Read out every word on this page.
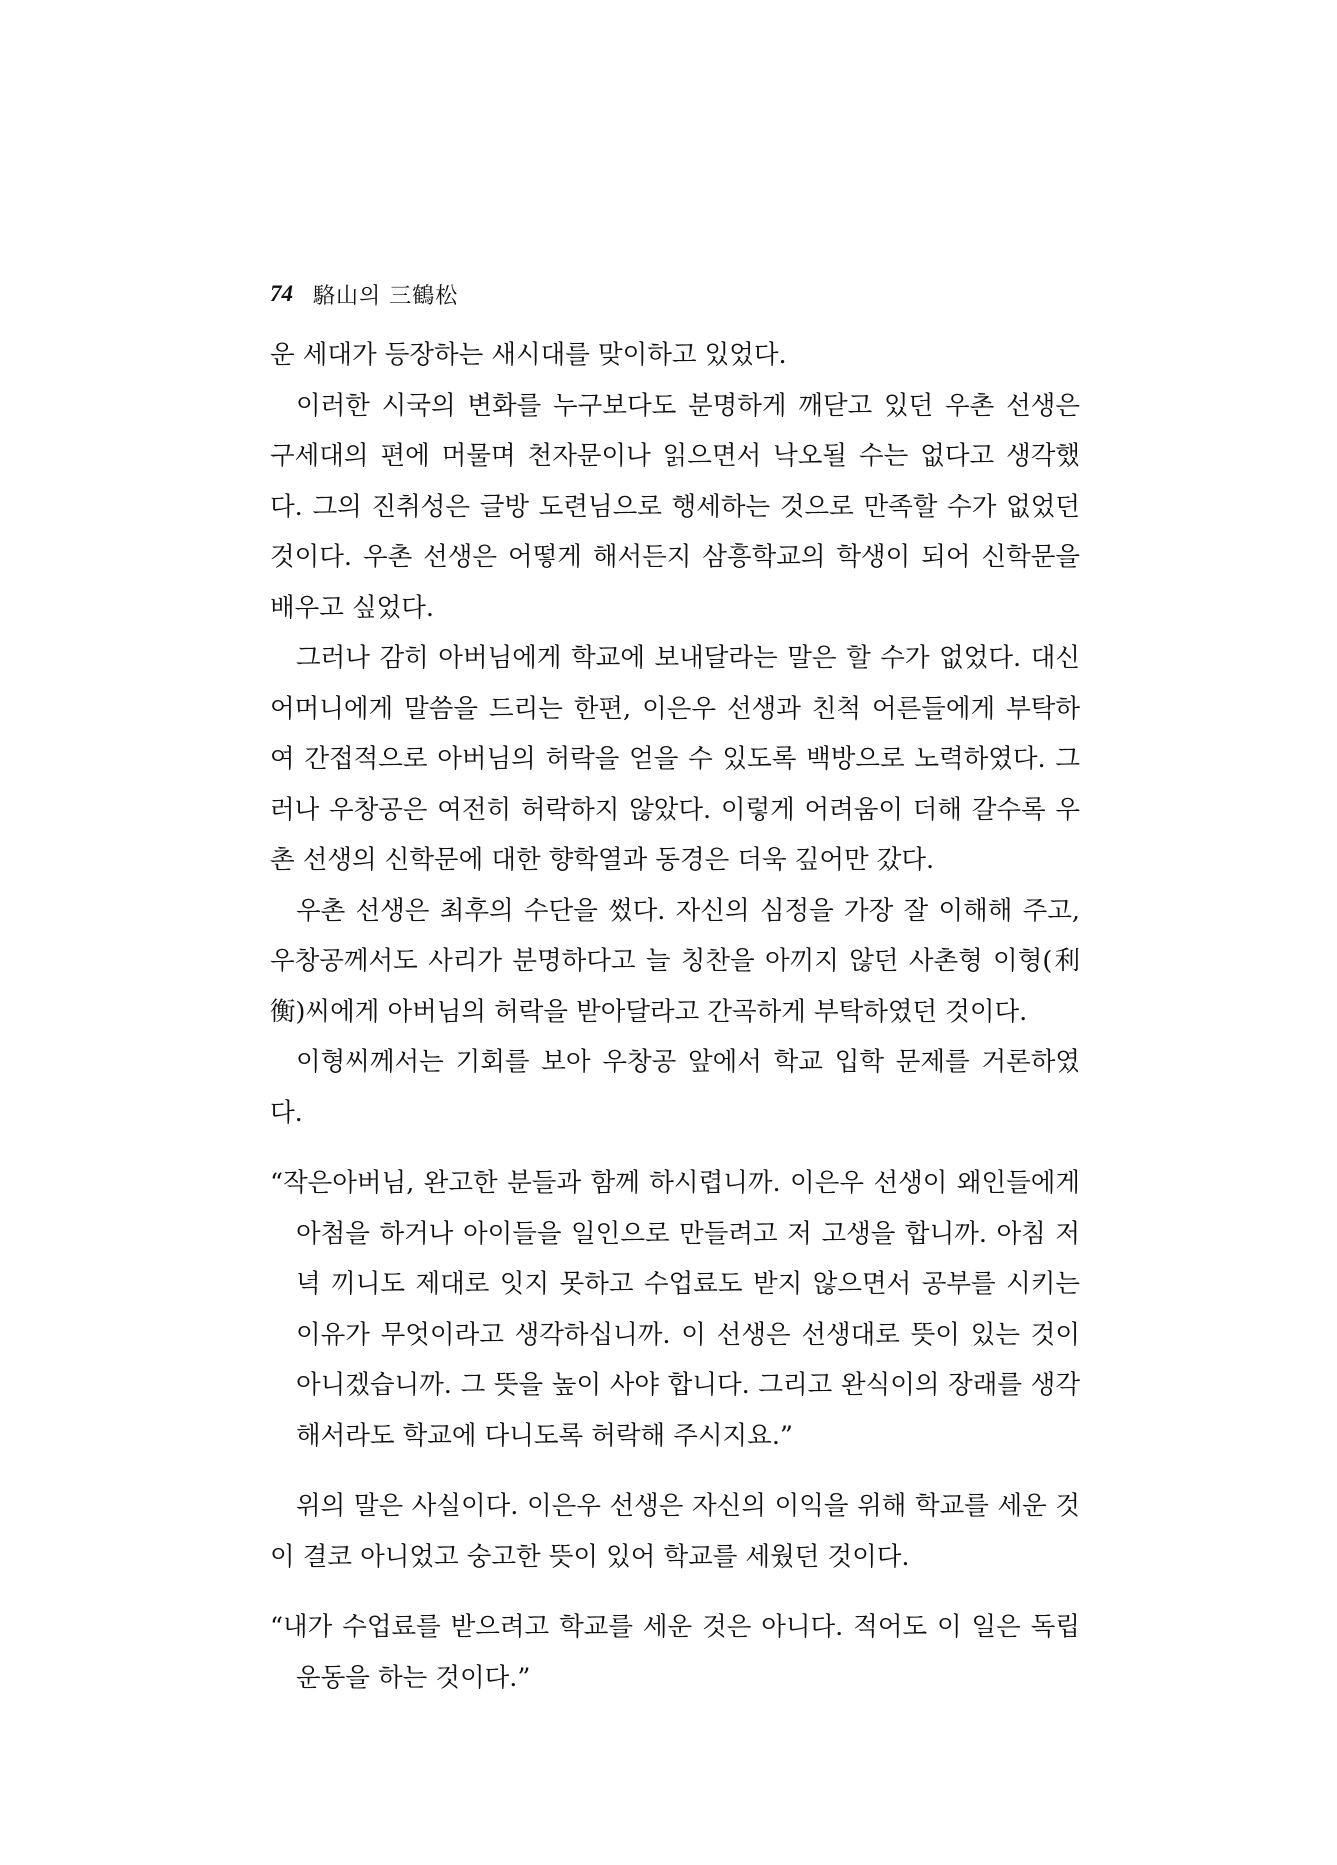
74 駱山의 三鶴松

운 세대가 등장하는 새시대를 맞이하고 있었다.

이러한 시국의 변화를 누구보다도 분명하게 깨닫고 있던 우촌 선생은 구세대의 편에 머물며 천자문이나 읽으면서 낙오될 수는 없다고 생각했다. 그의 진취성은 글방 도련님으로 행세하는 것으로 만족할 수가 없었던 것이다. 우촌 선생은 어떻게 해서든지 삼흥학교의 학생이 되어 신학문을 배우고 싶었다.

그러나 감히 아버님에게 학교에 보내달라는 말은 할 수가 없었다. 대신 어머니에게 말씀을 드리는 한편, 이은우 선생과 친척 어른들에게 부탁하여 간접적으로 아버님의 허락을 얻을 수 있도록 백방으로 노력하였다. 그러나 우창공은 여전히 허락하지 않았다. 이렇게 어려움이 더해 갈수록 우촌 선생의 신학문에 대한 향학열과 동경은 더욱 깊어만 갔다.

우촌 선생은 최후의 수단을 썼다. 자신의 심정을 가장 잘 이해해 주고, 우창공께서도 사리가 분명하다고 늘 칭찬을 아끼지 않던 사촌형 이형(利衡)씨에게 아버님의 허락을 받아달라고 간곡하게 부탁하였던 것이다.

이형씨께서는 기회를 보아 우창공 앞에서 학교 입학 문제를 거론하였다.

“작은아버님, 완고한 분들과 함께 하시렵니까. 이은우 선생이 왜인들에게 아첨을 하거나 아이들을 일인으로 만들려고 저 고생을 합니까. 아침 저녁 끼니도 제대로 잇지 못하고 수업료도 받지 않으면서 공부를 시키는 이유가 무엇이라고 생각하십니까. 이 선생은 선생대로 뜻이 있는 것이 아니겠습니까. 그 뜻을 높이 사야 합니다. 그리고 완식이의 장래를 생각해서라도 학교에 다니도록 허락해 주시지요.”

위의 말은 사실이다. 이은우 선생은 자신의 이익을 위해 학교를 세운 것이 결코 아니었고 숭고한 뜻이 있어 학교를 세웠던 것이다.

“내가 수업료를 받으려고 학교를 세운 것은 아니다. 적어도 이 일은 독립운동을 하는 것이다.”
